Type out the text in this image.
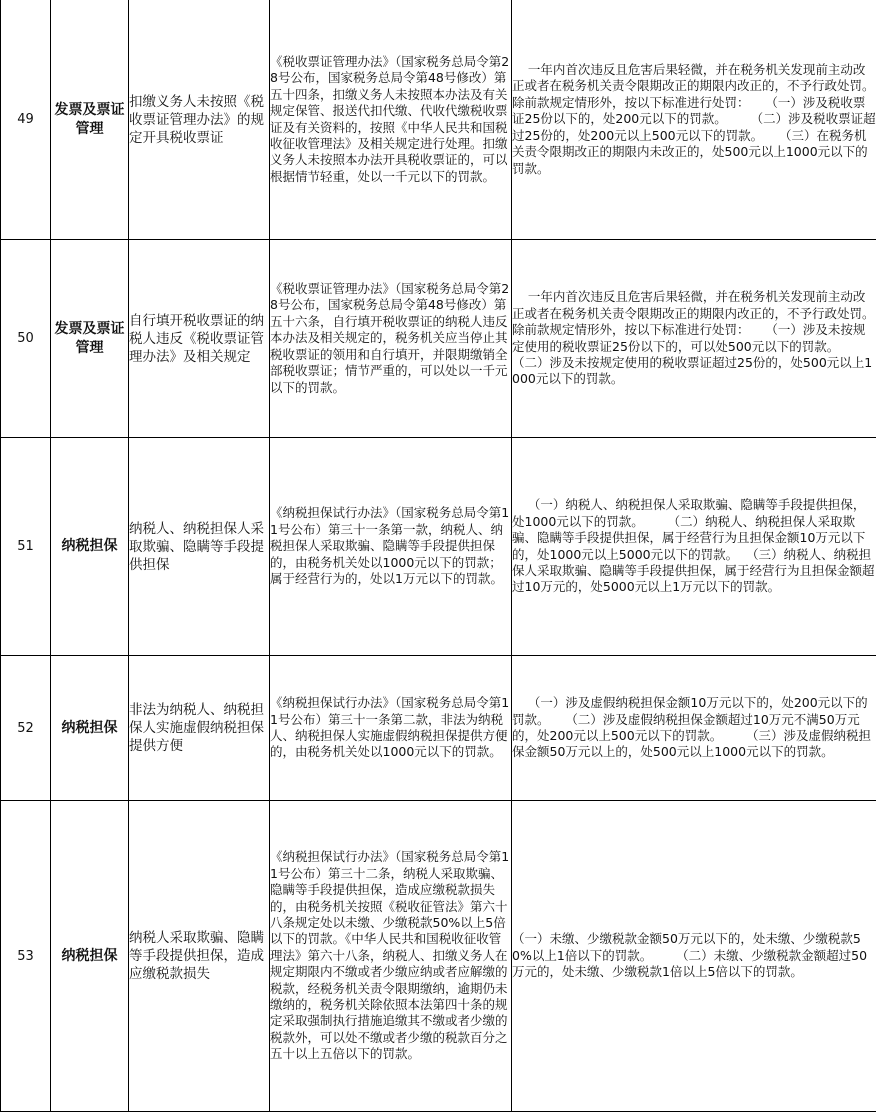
49	发票及票证管理	扣缴义务人未按照《税收票证管理办法》的规定开具税收票证	《税收票证管理办法》（国家税务总局令第28号公布，国家税务总局令第48号修改）第五十四条，扣缴义务人未按照本办法及有关规定保管、报送代扣代缴、代收代缴税收票证及有关资料的，按照《中华人民共和国税收征收管理法》及相关规定进行处理。扣缴义务人未按照本办法开具税收票证的，可以根据情节轻重，处以一千元以下的罚款。	一年内首次违反且危害后果轻微，并在税务机关发现前主动改正或者在税务机关责令限期改正的期限内改正的，不予行政处罚。        除前款规定情形外，按以下标准进行处罚：    （一）涉及税收票证25份以下的，处200元以下的罚款。      （二）涉及税收票证超过25份的，处200元以上500元以下的罚款。    （三）在税务机关责令限期改正的期限内未改正的，处500元以上1000元以下的罚款。
50	发票及票证管理	自行填开税收票证的纳税人违反《税收票证管理办法》及相关规定	《税收票证管理办法》（国家税务总局令第28号公布，国家税务总局令第48号修改）第五十六条，自行填开税收票证的纳税人违反本办法及相关规定的，税务机关应当停止其税收票证的领用和自行填开，并限期缴销全部税收票证；情节严重的，可以处以一千元以下的罚款。	一年内首次违反且危害后果轻微，并在税务机关发现前主动改正或者在税务机关责令限期改正的期限内改正的，不予行政处罚。        除前款规定情形外，按以下标准进行处罚：    （一）涉及未按规定使用的税收票证25份以下的，可以处500元以下的罚款。    （二）涉及未按规定使用的税收票证超过25份的，处500元以上1000元以下的罚款。
51	纳税担保	纳税人、纳税担保人采取欺骗、隐瞒等手段提供担保	《纳税担保试行办法》（国家税务总局令第11号公布）第三十一条第一款，纳税人、纳税担保人采取欺骗、隐瞒等手段提供担保的，由税务机关处以1000元以下的罚款；属于经营行为的，处以1万元以下的罚款。	（一）纳税人、纳税担保人采取欺骗、隐瞒等手段提供担保，处1000元以下的罚款。      （二）纳税人、纳税担保人采取欺骗、隐瞒等手段提供担保，属于经营行为且担保金额10万元以下的，处1000元以上5000元以下的罚款。  （三）纳税人、纳税担保人采取欺骗、隐瞒等手段提供担保，属于经营行为且担保金额超过10万元的，处5000元以上1万元以下的罚款。
52	纳税担保	非法为纳税人、纳税担保人实施虚假纳税担保提供方便	《纳税担保试行办法》（国家税务总局令第11号公布）第三十一条第二款，非法为纳税人、纳税担保人实施虚假纳税担保提供方便的，由税务机关处以1000元以下的罚款。	（一）涉及虚假纳税担保金额10万元以下的，处200元以下的罚款。    （二）涉及虚假纳税担保金额超过10万元不满50万元的，处200元以上500元以下的罚款。      （三）涉及虚假纳税担保金额50万元以上的，处500元以上1000元以下的罚款。
53	纳税担保	纳税人采取欺骗、隐瞒等手段提供担保，造成应缴税款损失	《纳税担保试行办法》（国家税务总局令第11号公布）第三十二条，纳税人采取欺骗、隐瞒等手段提供担保，造成应缴税款损失的，由税务机关按照《税收征管法》第六十八条规定处以未缴、少缴税款50%以上5倍以下的罚款。《中华人民共和国税收征收管理法》第六十八条，纳税人、扣缴义务人在规定期限内不缴或者少缴应纳或者应解缴的税款，经税务机关责令限期缴纳，逾期仍未缴纳的，税务机关除依照本法第四十条的规定采取强制执行措施追缴其不缴或者少缴的税款外，可以处不缴或者少缴的税款百分之五十以上五倍以下的罚款。	（一）未缴、少缴税款金额50万元以下的，处未缴、少缴税款50%以上1倍以下的罚款。      （二）未缴、少缴税款金额超过50万元的，处未缴、少缴税款1倍以上5倍以下的罚款。
